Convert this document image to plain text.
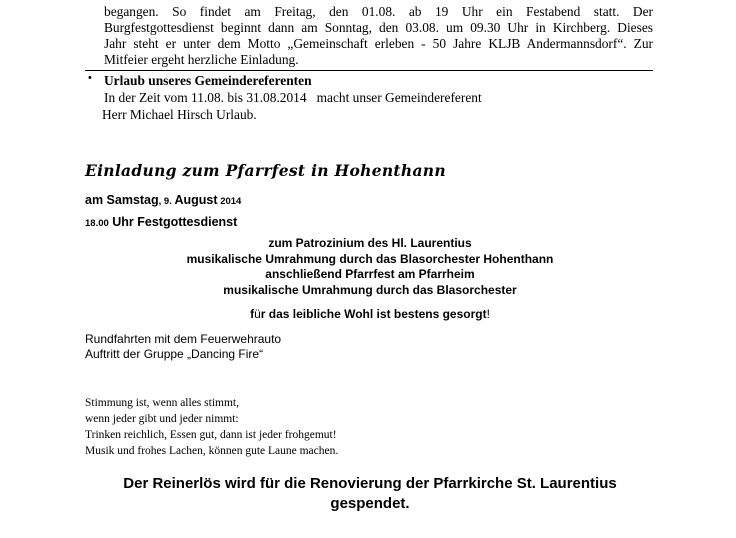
begangen. So findet am Freitag, den 01.08. ab 19 Uhr ein Festabend statt. Der
Burgfestgottesdienst beginnt dann am Sonntag, den 03.08. um 09.30 Uhr in Kirchberg. Dieses
Jahr steht er unter dem Motto „Gemeinschaft erleben - 50 Jahre KLJB Andermannsdorf“. Zur
Mitfeier ergeht herzliche Einladung.
• Urlaub unseres Gemeindereferenten
In der Zeit vom 11.08. bis 31.08.2014   macht unser Gemeindereferent
Herr Michael Hirsch Urlaub.
Einladung zum Pfarrfest in Hohenthann
am Samstag, 9. August 2014
18.00 Uhr Festgottesdienst
zum Patrozinium des Hl. Laurentius
musikalische Umrahmung durch das Blasorchester Hohenthann
anschließend Pfarrfest am Pfarrheim
musikalische Umrahmung durch das Blasorchester
für das leibliche Wohl ist bestens gesorgt!
Rundfahrten mit dem Feuerwehrauto
Auftritt der Gruppe „Dancing Fire“
Stimmung ist, wenn alles stimmt,
wenn jeder gibt und jeder nimmt:
Trinken reichlich, Essen gut, dann ist jeder frohgemut!
Musik und frohes Lachen, können gute Laune machen.
Der Reinerlös wird für die Renovierung der Pfarrkirche St. Laurentius
gespendet.
